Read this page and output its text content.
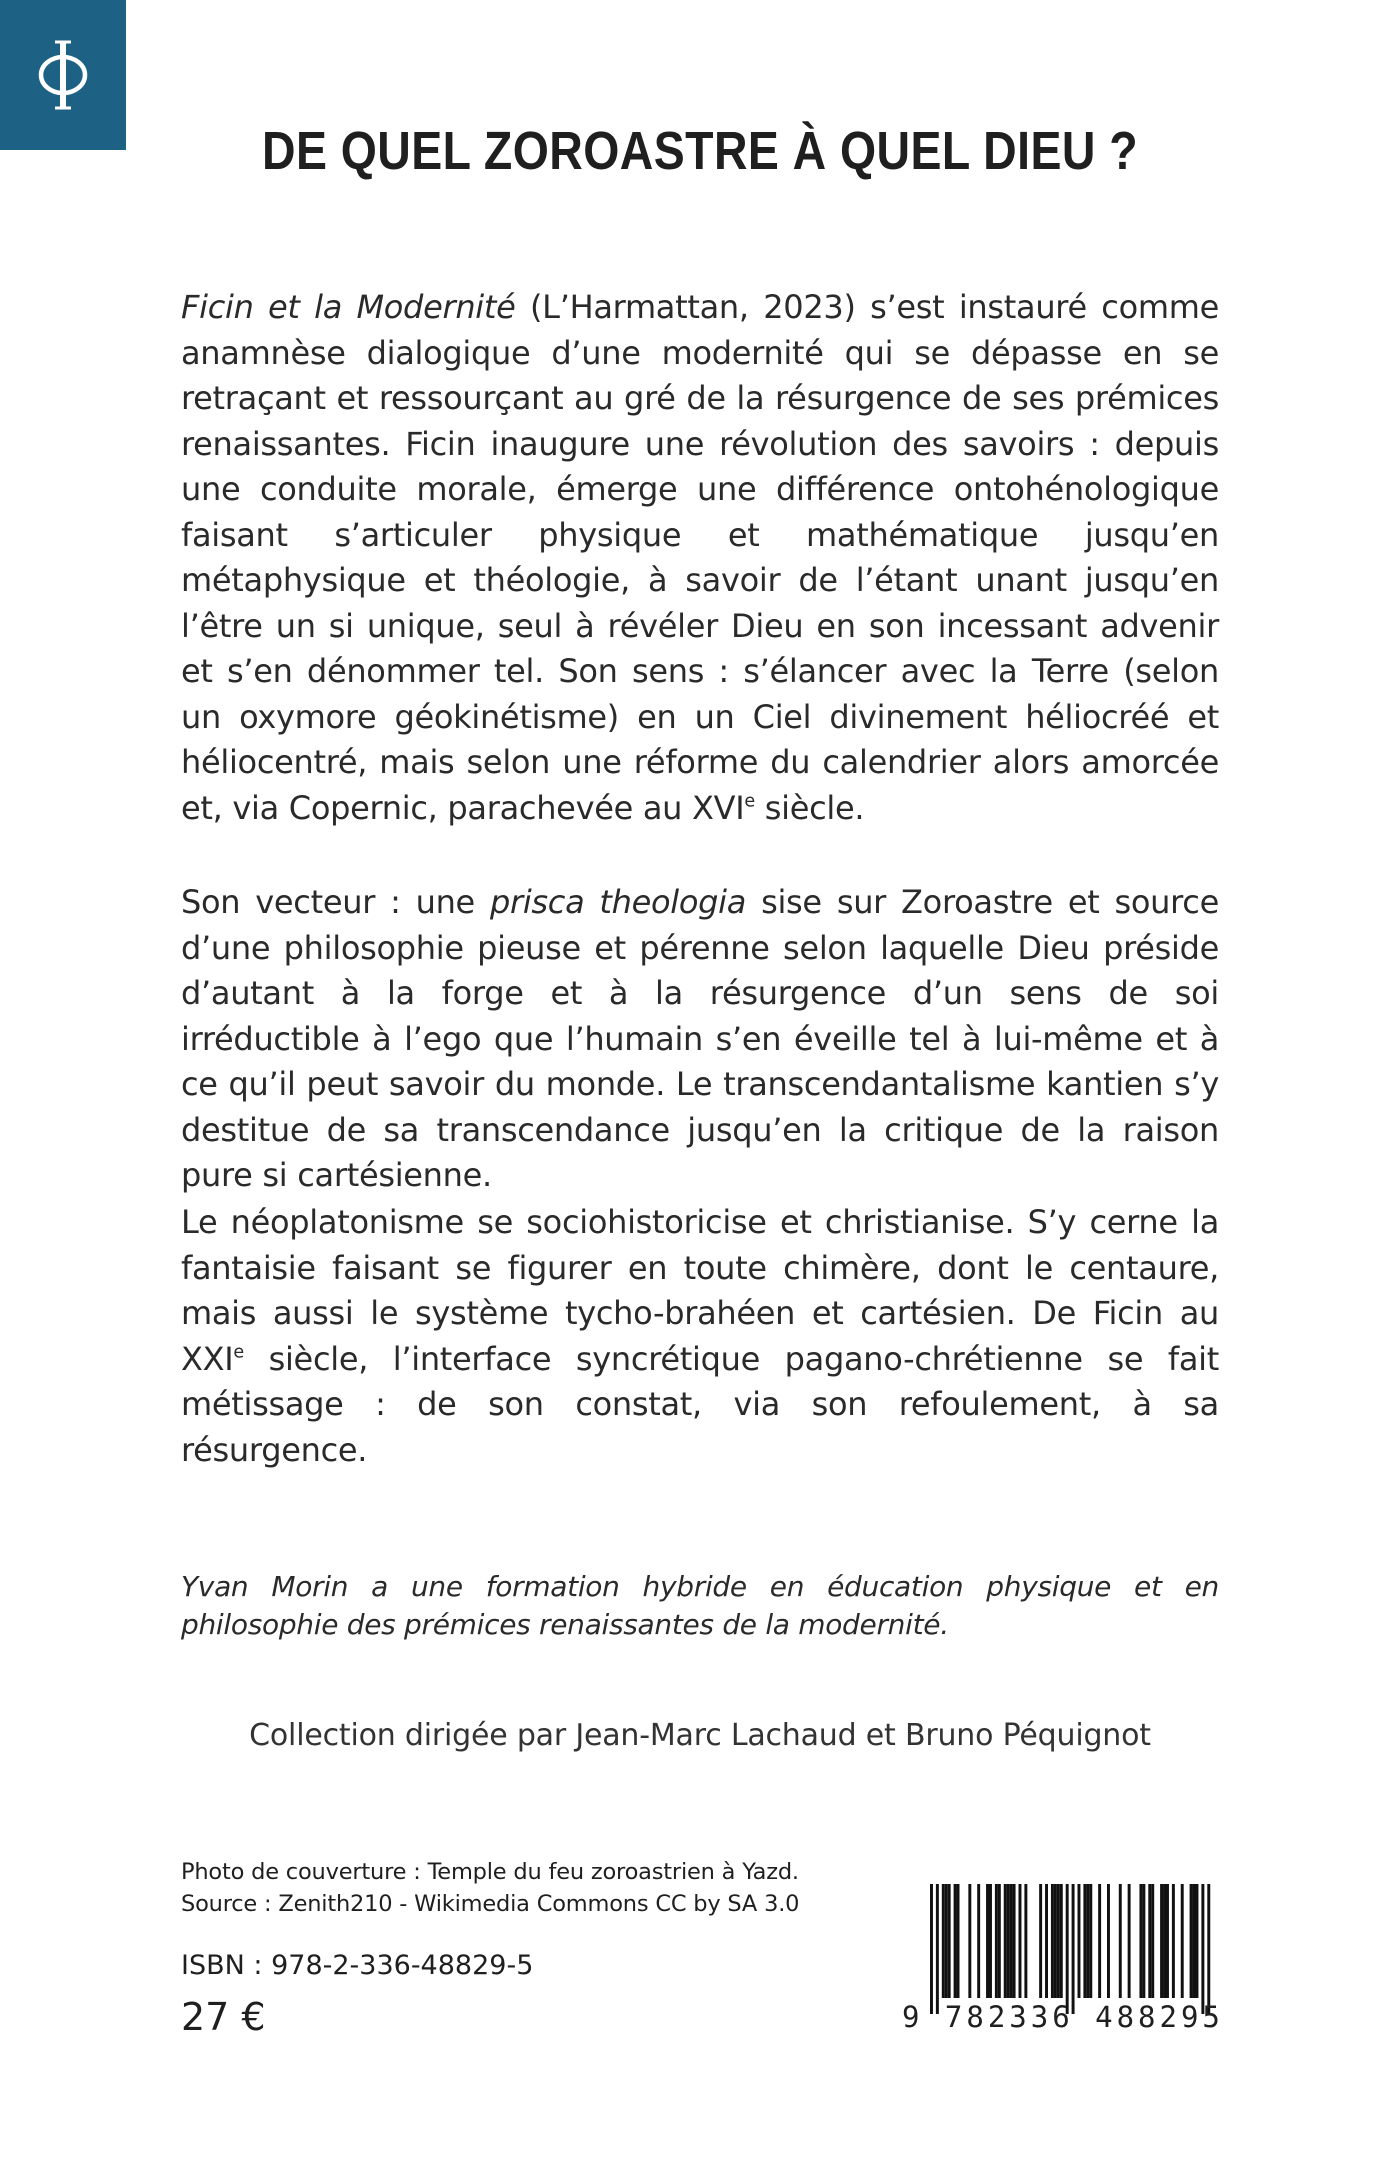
DE QUEL ZOROASTRE À QUEL DIEU ?

Ficin et la Modernité (L’Harmattan, 2023) s’est instauré comme anamnèse dialogique d’une modernité qui se dépasse en se retraçant et ressourçant au gré de la résurgence de ses prémices renaissantes. Ficin inaugure une révolution des savoirs : depuis une conduite morale, émerge une différence ontohénologique faisant s’articuler physique et mathématique jusqu’en métaphysique et théologie, à savoir de l’étant unant jusqu’en l’être un si unique, seul à révéler Dieu en son incessant advenir et s’en dénommer tel. Son sens : s’élancer avec la Terre (selon un oxymore géokinétisme) en un Ciel divinement héliocréé et héliocentré, mais selon une réforme du calendrier alors amorcée et, via Copernic, parachevée au XVIe siècle.

Son vecteur : une prisca theologia sise sur Zoroastre et source d’une philosophie pieuse et pérenne selon laquelle Dieu préside d’autant à la forge et à la résurgence d’un sens de soi irréductible à l’ego que l’humain s’en éveille tel à lui-même et à ce qu’il peut savoir du monde. Le transcendantalisme kantien s’y destitue de sa transcendance jusqu’en la critique de la raison pure si cartésienne.

Le néoplatonisme se sociohistoricise et christianise. S’y cerne la fantaisie faisant se figurer en toute chimère, dont le centaure, mais aussi le système tycho-brahéen et cartésien. De Ficin au XXIe siècle, l’interface syncrétique pagano-chrétienne se fait métissage : de son constat, via son refoulement, à sa résurgence.

Yvan Morin a une formation hybride en éducation physique et en philosophie des prémices renaissantes de la modernité.
Collection dirigée par Jean-Marc Lachaud et Bruno Péquignot
Photo de couverture : Temple du feu zoroastrien à Yazd.
Source : Zenith210 - Wikimedia Commons CC by SA 3.0
ISBN : 978-2-336-48829-5
27 €	9 782336 488295
